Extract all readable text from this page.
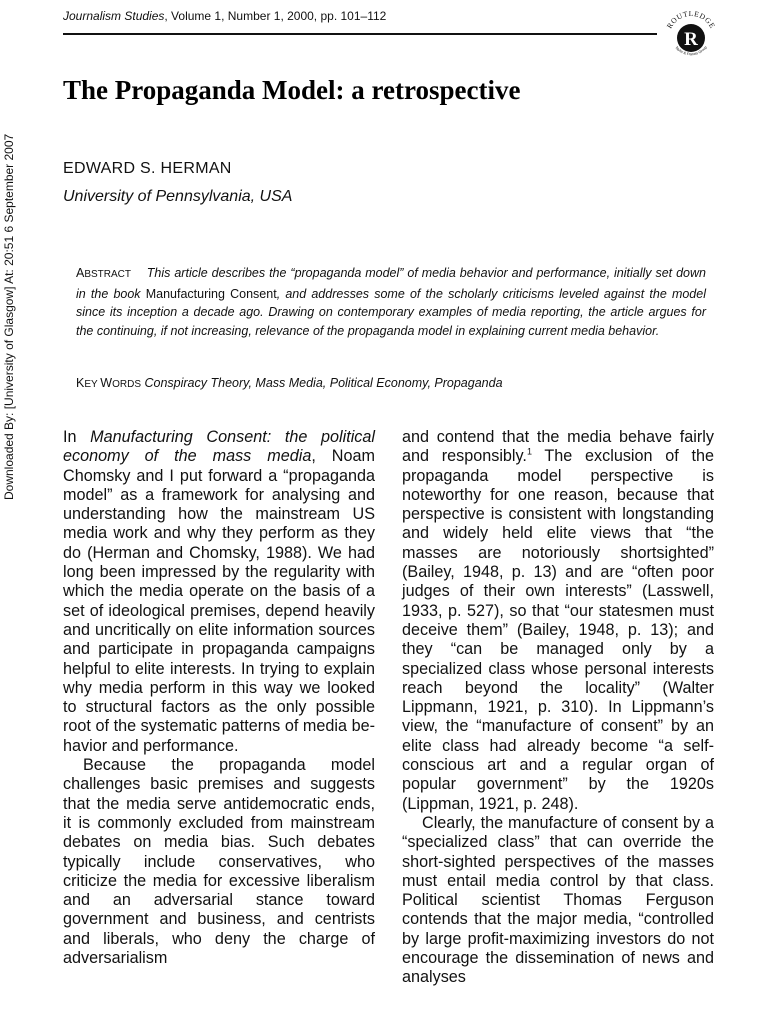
Downloaded By: [University of Glasgow] At: 20:51 6 September 2007
Journalism Studies, Volume 1, Number 1, 2000, pp. 101–112
R
ROUTLEDGE
Taylor & Francis Group
The Propaganda Model: a retrospective
EDWARD S. HERMAN
University of Pennsylvania, USA
ABSTRACT This article describes the “propaganda model” of media behavior and performance, initially set down in the book Manufacturing Consent, and addresses some of the scholarly criticisms leveled against the model since its inception a decade ago. Drawing on contemporary examples of media reporting, the article argues for the continuing, if not increasing, relevance of the propaganda model in explaining current media behavior.
KEY WORDS Conspiracy Theory, Mass Media, Political Economy, Propaganda

In Manufacturing Consent: the political economy of the mass media, Noam Chomsky and I put forward a “propaganda model” as a framework for analysing and understanding how the mainstream US media work and why they perform as they do (Herman and Chomsky, 1988). We had long been impressed by the regularity with which the media operate on the basis of a set of ideological premises, depend heavily and uncritically on elite information sources and participate in propaganda campaigns helpful to elite interests. In trying to explain why media perform in this way we looked to structural factors as the only possible root of the systematic patterns of media behavior and performance.

Because the propaganda model challenges basic premises and suggests that the media serve antidemocratic ends, it is commonly excluded from mainstream debates on media bias. Such debates typically include conservatives, who criticize the media for excessive liberalism and an adversarial stance toward government and business, and centrists and liberals, who deny the charge of adversarialism

and contend that the media behave fairly and responsibly.$^1$ The exclusion of the propaganda model perspective is noteworthy for one reason, because that perspective is consistent with longstanding and widely held elite views that “the masses are notoriously shortsighted” (Bailey, 1948, p. 13) and are “often poor judges of their own interests” (Lasswell, 1933, p. 527), so that “our statesmen must deceive them” (Bailey, 1948, p. 13); and they “can be managed only by a specialized class whose personal interests reach beyond the locality” (Walter Lippmann, 1921, p. 310). In Lippmann’s view, the “manufacture of consent” by an elite class had already become “a self-conscious art and a regular organ of popular government” by the 1920s (Lippman, 1921, p. 248).

Clearly, the manufacture of consent by a “specialized class” that can override the short-sighted perspectives of the masses must entail media control by that class. Political scientist Thomas Ferguson contends that the major media, “controlled by large profit-maximizing investors do not encourage the dissemination of news and analyses
